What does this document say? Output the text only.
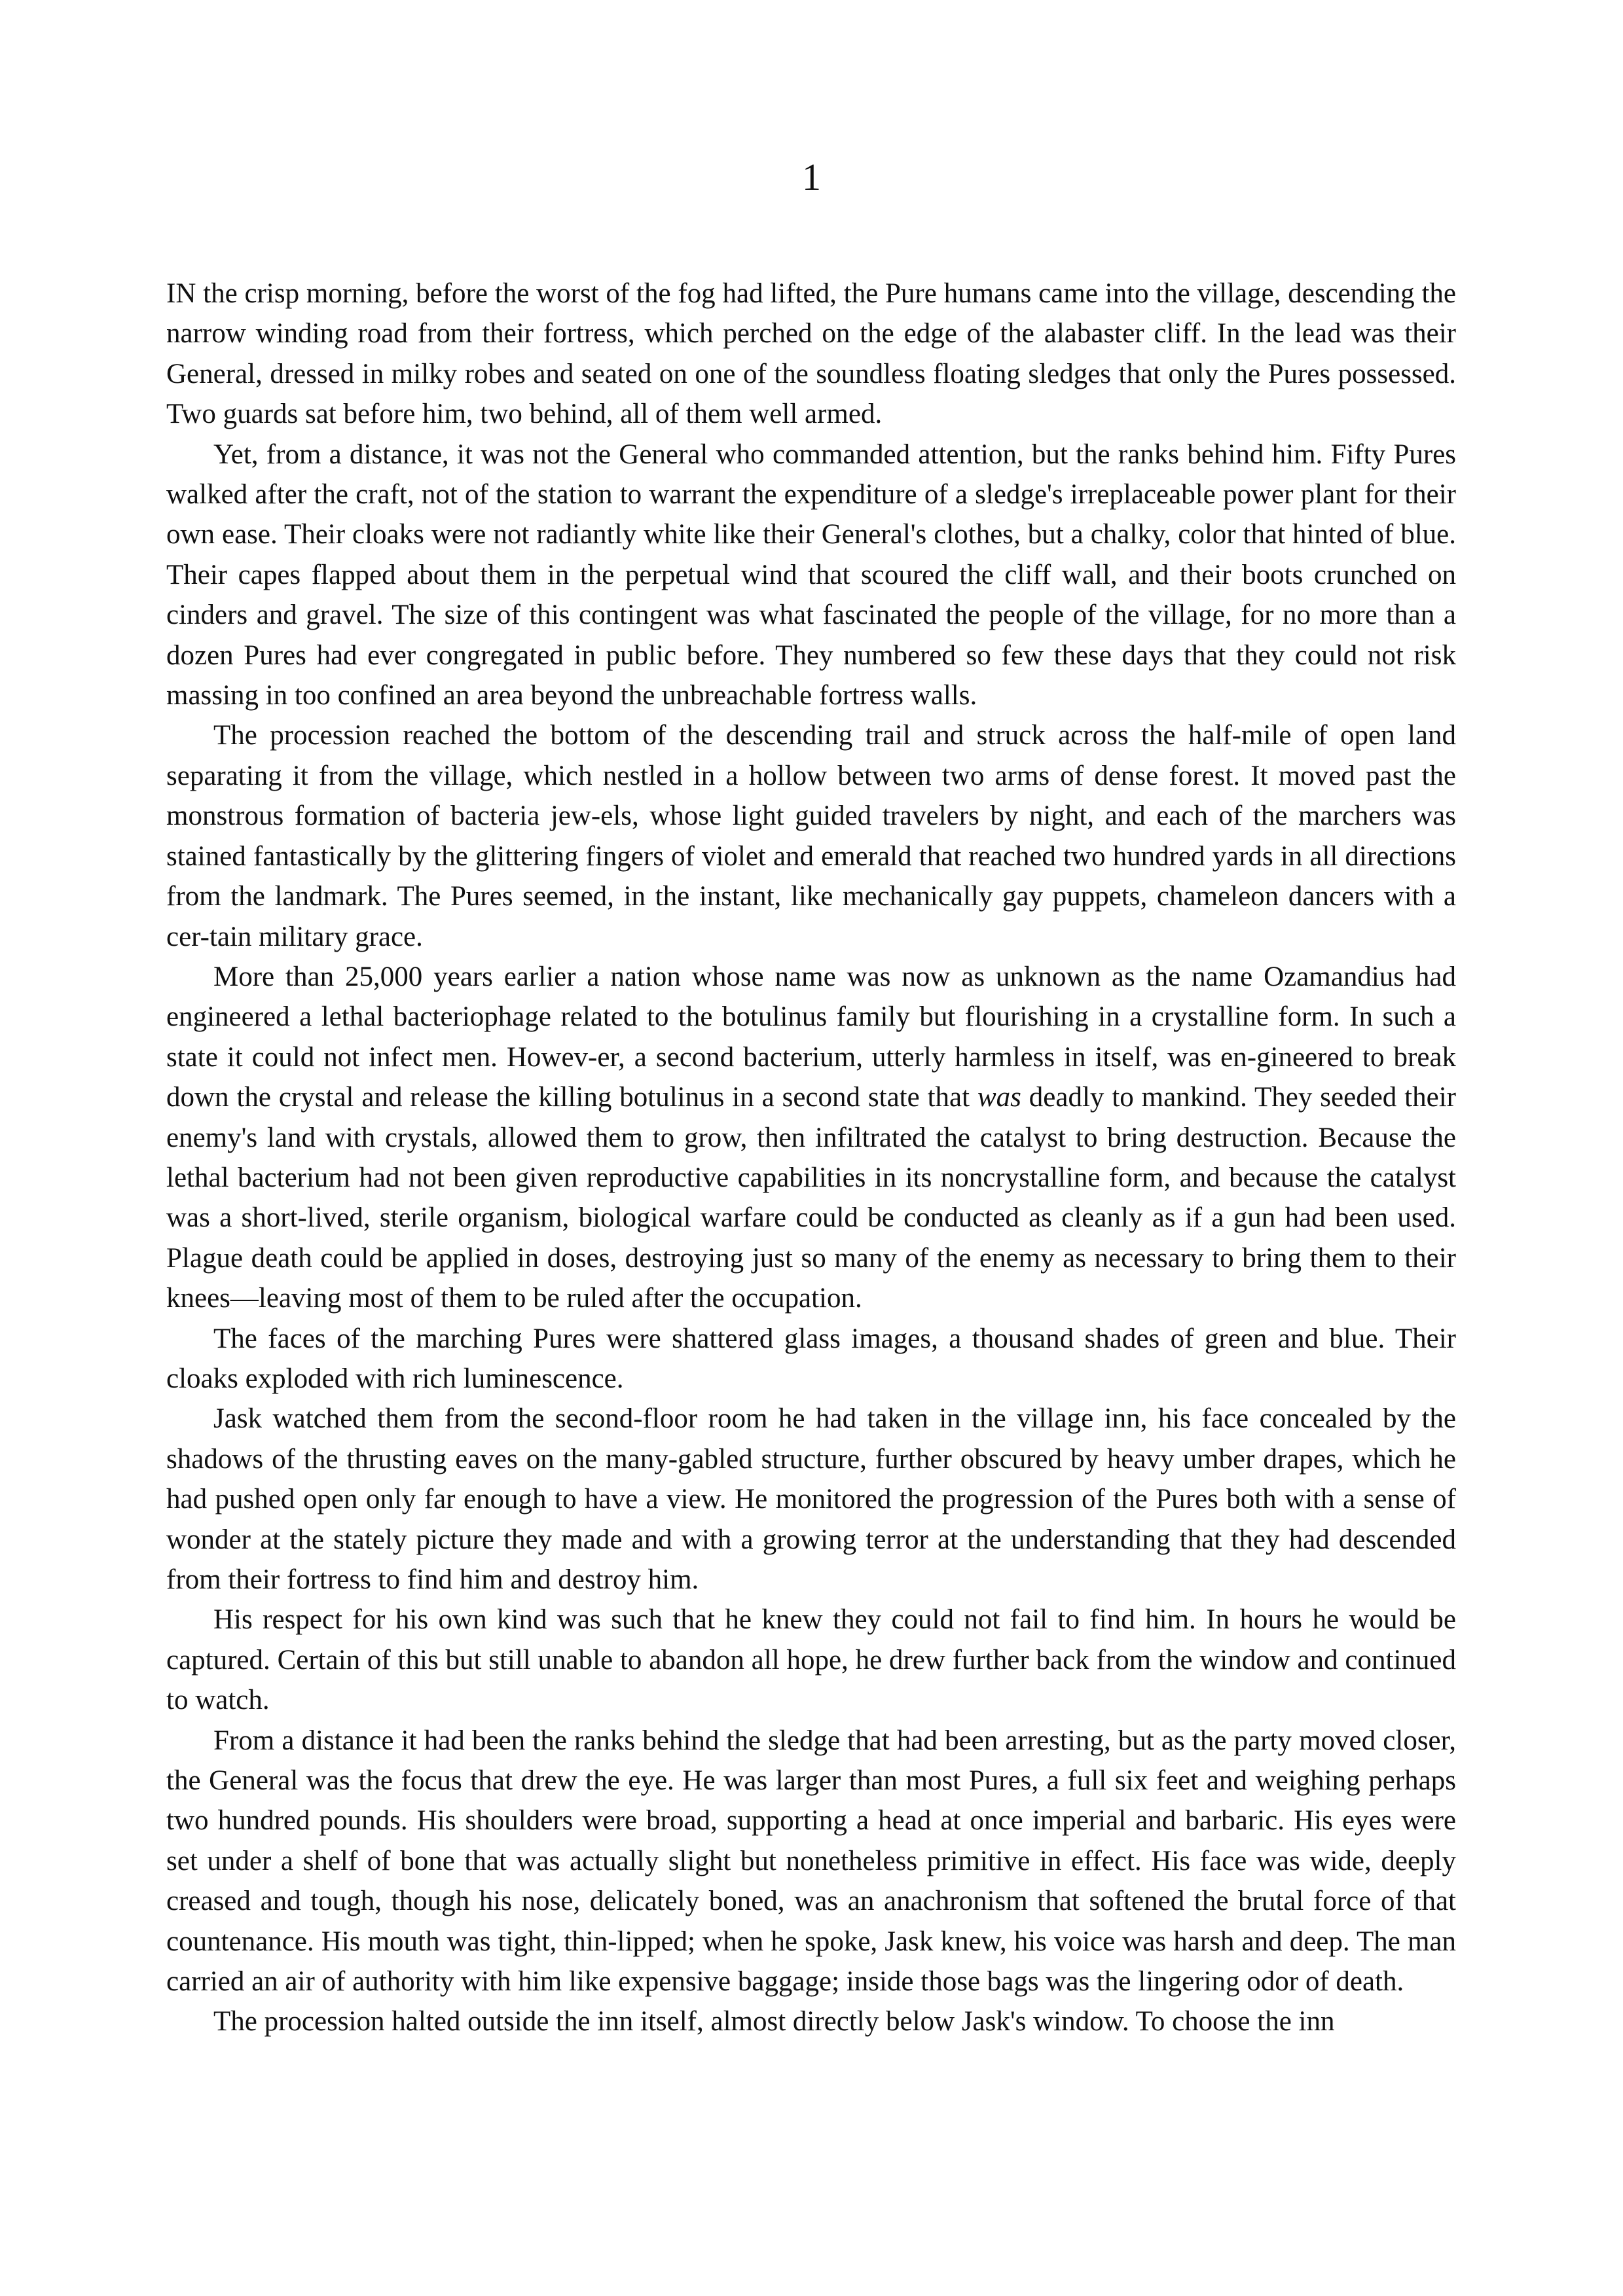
1

IN the crisp morning, before the worst of the fog had lifted, the Pure humans came into the village, descending the narrow winding road from their fortress, which perched on the edge of the alabaster cliff. In the lead was their General, dressed in milky robes and seated on one of the soundless floating sledges that only the Pures possessed. Two guards sat before him, two behind, all of them well armed.

Yet, from a distance, it was not the General who commanded attention, but the ranks behind him. Fifty Pures walked after the craft, not of the station to warrant the expenditure of a sledge's irreplaceable power plant for their own ease. Their cloaks were not radiantly white like their General's clothes, but a chalky, color that hinted of blue. Their capes flapped about them in the perpetual wind that scoured the cliff wall, and their boots crunched on cinders and gravel. The size of this contingent was what fascinated the people of the village, for no more than a dozen Pures had ever congregated in public before. They numbered so few these days that they could not risk massing in too confined an area beyond the unbreachable fortress walls.

The procession reached the bottom of the descending trail and struck across the half-mile of open land separating it from the village, which nestled in a hollow between two arms of dense forest. It moved past the monstrous formation of bacteria jew-els, whose light guided travelers by night, and each of the marchers was stained fantastically by the glittering fingers of violet and emerald that reached two hundred yards in all directions from the landmark. The Pures seemed, in the instant, like mechanically gay puppets, chameleon dancers with a cer-tain military grace.

More than 25,000 years earlier a nation whose name was now as unknown as the name Ozamandius had engineered a lethal bacteriophage related to the botulinus family but flourishing in a crystalline form. In such a state it could not infect men. Howev-er, a second bacterium, utterly harmless in itself, was en-gineered to break down the crystal and release the killing botulinus in a second state that was deadly to mankind. They seeded their enemy's land with crystals, allowed them to grow, then infiltrated the catalyst to bring destruction. Because the lethal bacterium had not been given reproductive capabilities in its noncrystalline form, and because the catalyst was a short-lived, sterile organism, biological warfare could be conducted as cleanly as if a gun had been used. Plague death could be applied in doses, destroying just so many of the enemy as necessary to bring them to their knees—leaving most of them to be ruled after the occupation.

The faces of the marching Pures were shattered glass images, a thousand shades of green and blue. Their cloaks exploded with rich luminescence.

Jask watched them from the second-floor room he had taken in the village inn, his face concealed by the shadows of the thrusting eaves on the many-gabled structure, further obscured by heavy umber drapes, which he had pushed open only far enough to have a view. He monitored the progression of the Pures both with a sense of wonder at the stately picture they made and with a growing terror at the understanding that they had descended from their fortress to find him and destroy him.

His respect for his own kind was such that he knew they could not fail to find him. In hours he would be captured. Certain of this but still unable to abandon all hope, he drew further back from the window and continued to watch.

From a distance it had been the ranks behind the sledge that had been arresting, but as the party moved closer, the General was the focus that drew the eye. He was larger than most Pures, a full six feet and weighing perhaps two hundred pounds. His shoulders were broad, supporting a head at once imperial and barbaric. His eyes were set under a shelf of bone that was actually slight but nonetheless primitive in effect. His face was wide, deeply creased and tough, though his nose, delicately boned, was an anachronism that softened the brutal force of that countenance. His mouth was tight, thin-lipped; when he spoke, Jask knew, his voice was harsh and deep. The man carried an air of authority with him like expensive baggage; inside those bags was the lingering odor of death.

The procession halted outside the inn itself, almost directly below Jask's window. To choose the inn
